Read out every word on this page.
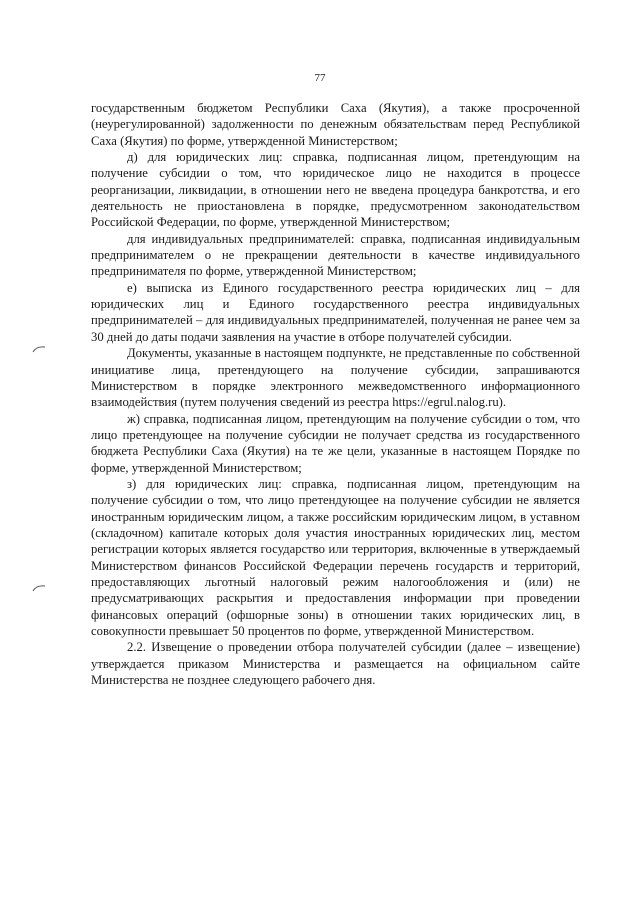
77

государственным бюджетом Республики Саха (Якутия), а также просроченной (неурегулированной) задолженности по денежным обязательствам перед Республикой Саха (Якутия) по форме, утвержденной Министерством;

д) для юридических лиц: справка, подписанная лицом, претендующим на получение субсидии о том, что юридическое лицо не находится в процессе реорганизации, ликвидации, в отношении него не введена процедура банкротства, и его деятельность не приостановлена в порядке, предусмотренном законодательством Российской Федерации, по форме, утвержденной Министерством;

для индивидуальных предпринимателей: справка, подписанная индивидуальным предпринимателем о не прекращении деятельности в качестве индивидуального предпринимателя по форме, утвержденной Министерством;

е) выписка из Единого государственного реестра юридических лиц – для юридических лиц и Единого государственного реестра индивидуальных предпринимателей – для индивидуальных предпринимателей, полученная не ранее чем за 30 дней до даты подачи заявления на участие в отборе получателей субсидии.

Документы, указанные в настоящем подпункте, не представленные по собственной инициативе лица, претендующего на получение субсидии, запрашиваются Министерством в порядке электронного межведомственного информационного взаимодействия (путем получения сведений из реестра https://egrul.nalog.ru).

ж) справка, подписанная лицом, претендующим на получение субсидии о том, что лицо претендующее на получение субсидии не получает средства из государственного бюджета Республики Саха (Якутия) на те же цели, указанные в настоящем Порядке по форме, утвержденной Министерством;

з) для юридических лиц: справка, подписанная лицом, претендующим на получение субсидии о том, что лицо претендующее на получение субсидии не является иностранным юридическим лицом, а также российским юридическим лицом, в уставном (складочном) капитале которых доля участия иностранных юридических лиц, местом регистрации которых является государство или территория, включенные в утверждаемый Министерством финансов Российской Федерации перечень государств и территорий, предоставляющих льготный налоговый режим налогообложения и (или) не предусматривающих раскрытия и предоставления информации при проведении финансовых операций (офшорные зоны) в отношении таких юридических лиц, в совокупности превышает 50 процентов по форме, утвержденной Министерством.

2.2. Извещение о проведении отбора получателей субсидии (далее – извещение) утверждается приказом Министерства и размещается на официальном сайте Министерства не позднее следующего рабочего дня.
